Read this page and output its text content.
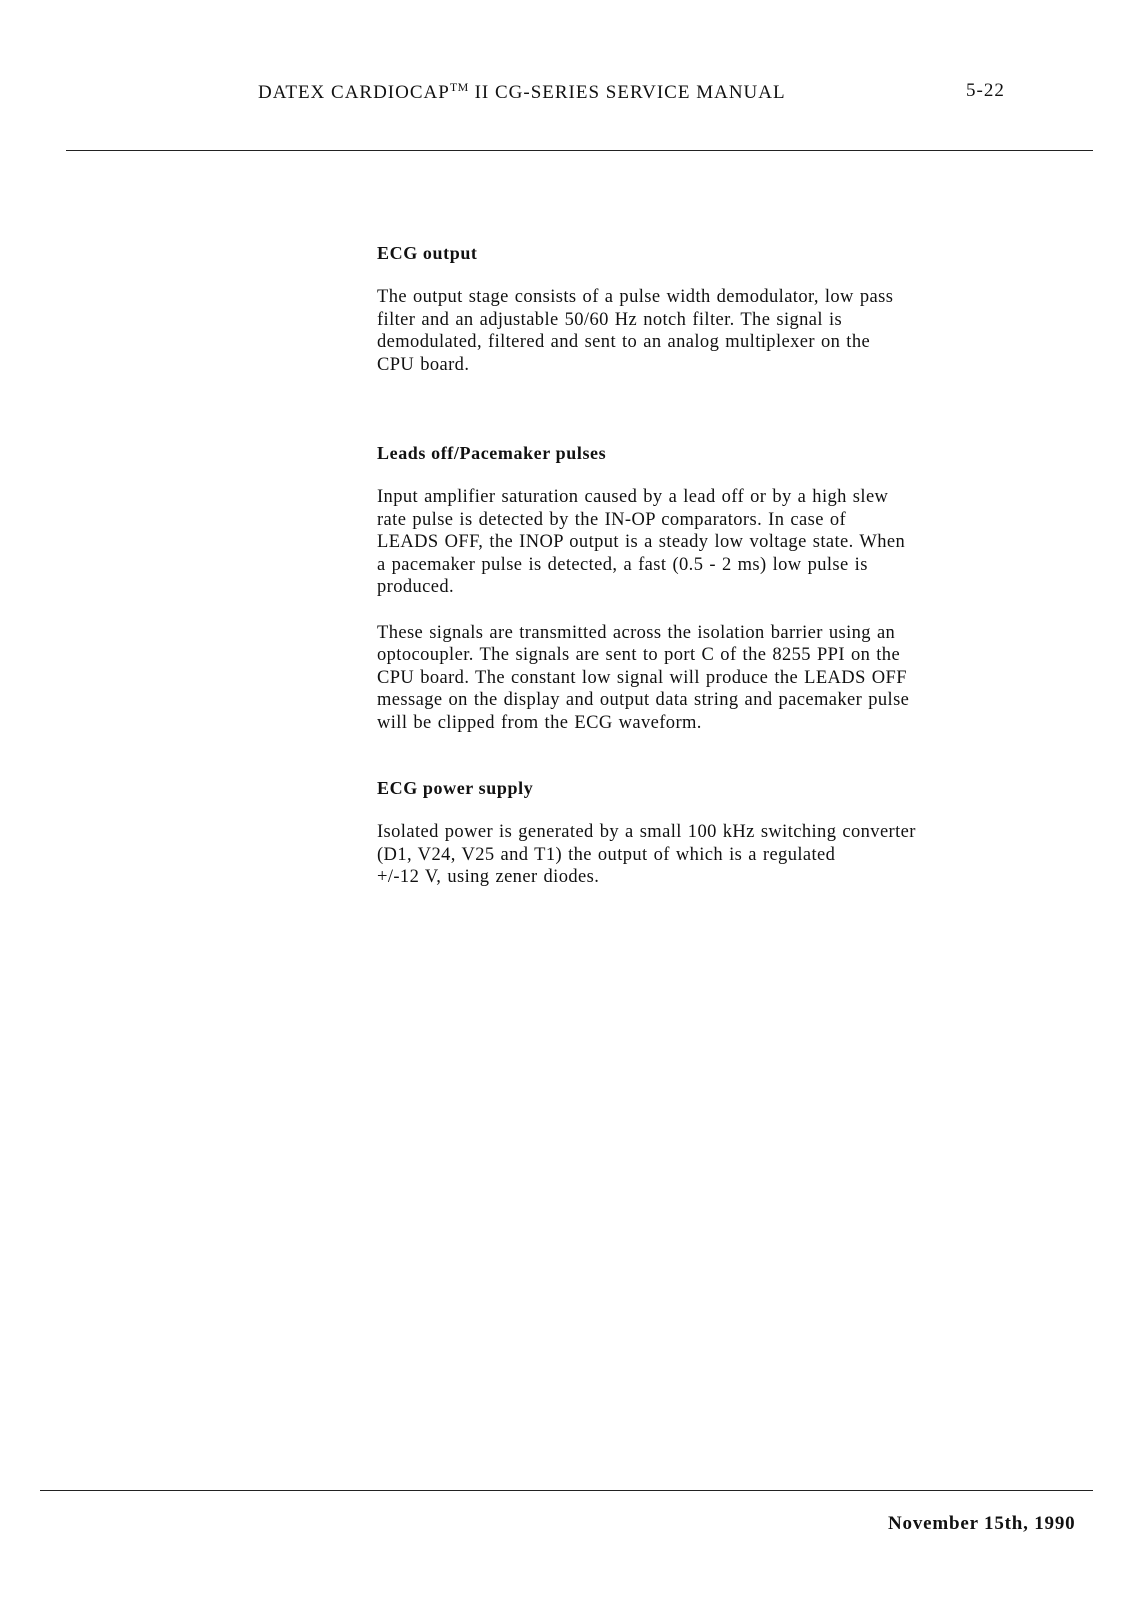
DATEX CARDIOCAP™ II CG-SERIES SERVICE MANUAL	5-22
ECG output
The output stage consists of a pulse width demodulator, low pass
filter and an adjustable 50/60 Hz notch filter. The signal is
demodulated, filtered and sent to an analog multiplexer on the
CPU board.
Leads off/Pacemaker pulses
Input amplifier saturation caused by a lead off or by a high slew
rate pulse is detected by the IN-OP comparators. In case of
LEADS OFF, the INOP output is a steady low voltage state. When
a pacemaker pulse is detected, a fast (0.5 - 2 ms) low pulse is
produced.
These signals are transmitted across the isolation barrier using an
optocoupler. The signals are sent to port C of the 8255 PPI on the
CPU board. The constant low signal will produce the LEADS OFF
message on the display and output data string and pacemaker pulse
will be clipped from the ECG waveform.
ECG power supply
Isolated power is generated by a small 100 kHz switching converter
(D1, V24, V25 and T1) the output of which is a regulated
+/-12 V, using zener diodes.
November 15th, 1990
